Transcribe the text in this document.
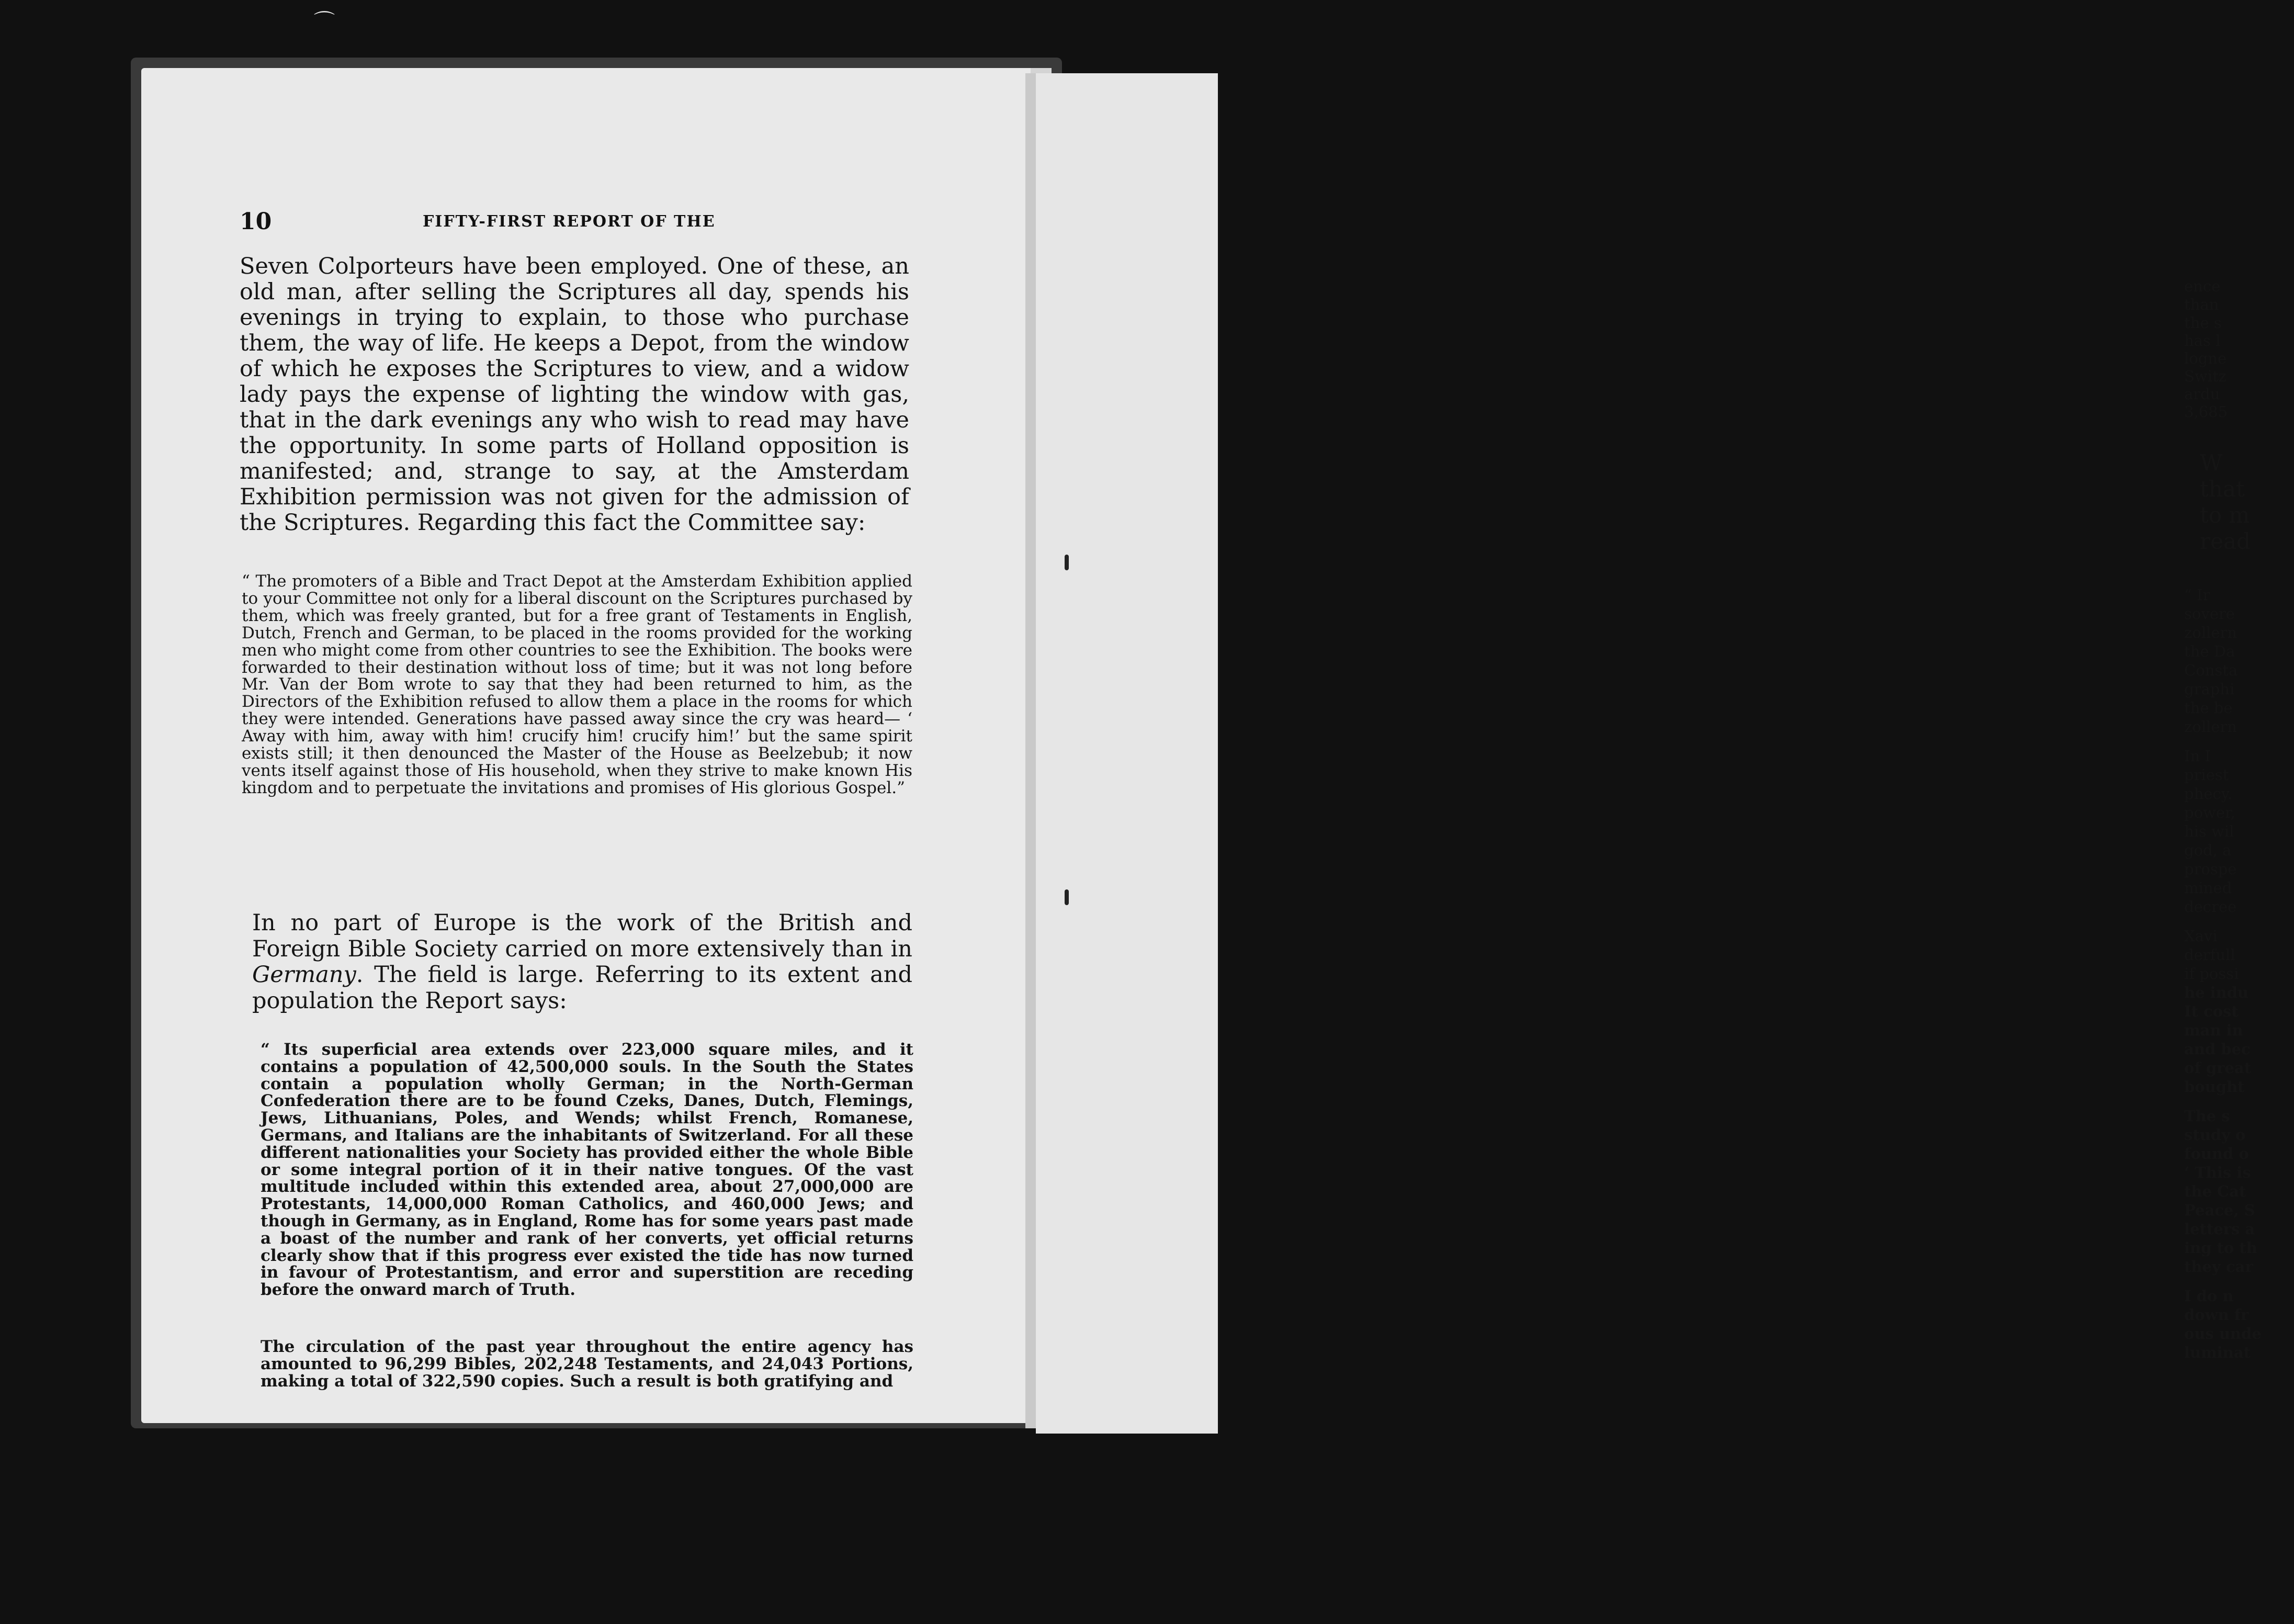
ence
than
the s
has l
logne
Switz
ardu
3,685
W
that
to m
read
“ Ir
sovere
zollern
the Da
Consta
graphi
the be
zollern
In I
priest
phecy.
power,
his wil
god, a
prospe
mined
decree
Xavi
derfull
if possi
he indu
It cost
man in
and bec
of great
bought
The s
study o
found o
‘ This is
the Cat
Peace, S
letters a
ing to th
they car
I do n
down fr
ous unde
luminat
⌒
10	FIFTY-FIRST REPORT OF THE
Seven Colporteurs have been employed. One of these, an old man, after selling the Scriptures all day, spends his evenings in trying to explain, to those who purchase them, the way of life. He keeps a Depot, from the window of which he exposes the Scriptures to view, and a widow lady pays the expense of lighting the window with gas, that in the dark evenings any who wish to read may have the opportunity. In some parts of Holland opposition is manifested; and, strange to say, at the Amsterdam Exhibition permission was not given for the admission of the Scriptures. Regarding this fact the Committee say:
“ The promoters of a Bible and Tract Depot at the Amsterdam Exhibition applied to your Committee not only for a liberal discount on the Scriptures purchased by them, which was freely granted, but for a free grant of Testaments in English, Dutch, French and German, to be placed in the rooms provided for the working men who might come from other countries to see the Exhibition. The books were forwarded to their destination without loss of time; but it was not long before Mr. Van der Bom wrote to say that they had been returned to him, as the Directors of the Exhibition refused to allow them a place in the rooms for which they were intended. Generations have passed away since the cry was heard— ‘ Away with him, away with him! crucify him! crucify him!’ but the same spirit exists still; it then denounced the Master of the House as Beelzebub; it now vents itself against those of His household, when they strive to make known His kingdom and to perpetuate the invitations and promises of His glorious Gospel.”
In no part of Europe is the work of the British and Foreign Bible Society carried on more extensively than in Germany. The field is large. Referring to its extent and population the Report says:
“ Its superficial area extends over 223,000 square miles, and it contains a population of 42,500,000 souls. In the South the States contain a population wholly German; in the North-German Confederation there are to be found Czeks, Danes, Dutch, Flemings, Jews, Lithuanians, Poles, and Wends; whilst French, Romanese, Germans, and Italians are the inhabitants of Switzerland. For all these different nationalities your Society has provided either the whole Bible or some integral portion of it in their native tongues. Of the vast multitude included within this extended area, about 27,000,000 are Protestants, 14,000,000 Roman Catholics, and 460,000 Jews; and though in Germany, as in England, Rome has for some years past made a boast of the number and rank of her converts, yet official returns clearly show that if this progress ever existed the tide has now turned in favour of Protestantism, and error and superstition are receding before the onward march of Truth.
The circulation of the past year throughout the entire agency has amounted to 96,299 Bibles, 202,248 Testaments, and 24,043 Portions, making a total of 322,590 copies. Such a result is both gratifying and
